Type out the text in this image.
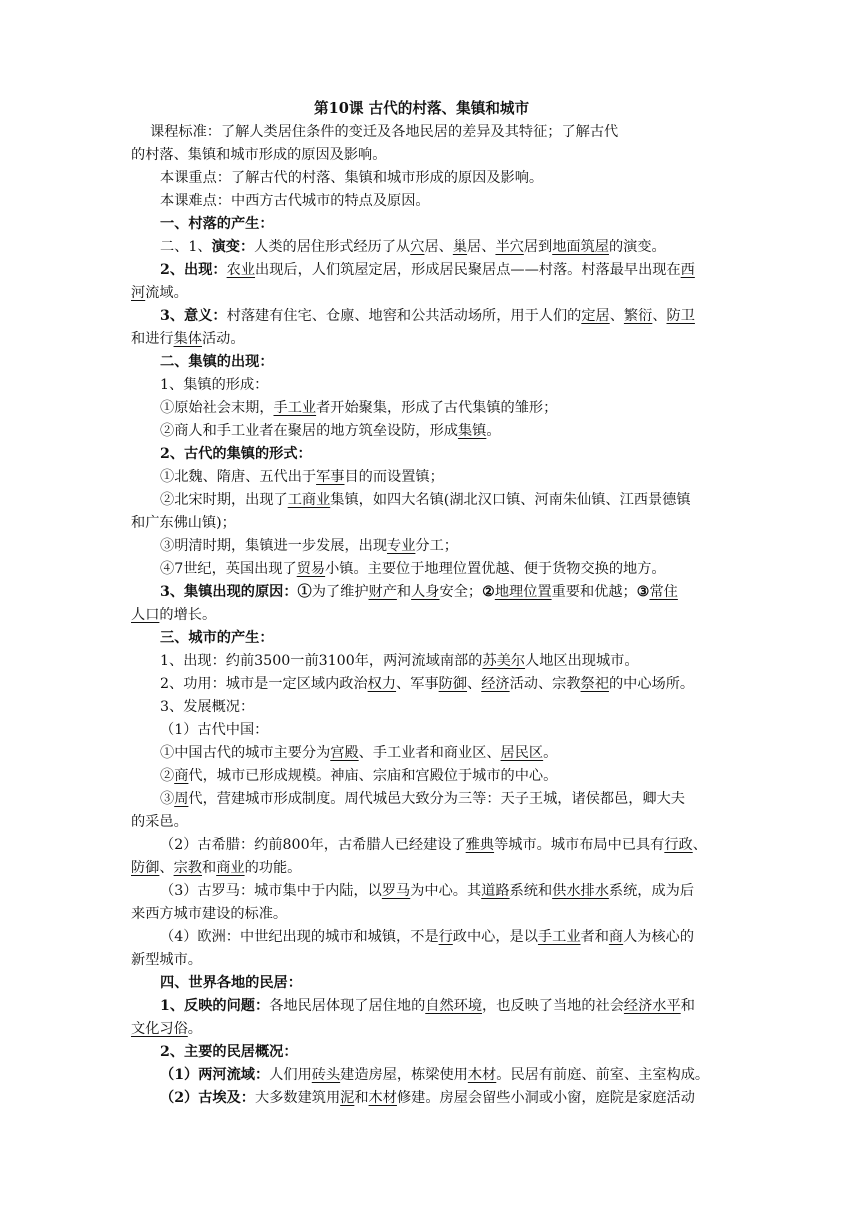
第10课 古代的村落、集镇和城市
课程标准：了解人类居住条件的变迁及各地民居的差异及其特征；了解古代
的村落、集镇和城市形成的原因及影响。
本课重点：了解古代的村落、集镇和城市形成的原因及影响。
本课难点：中西方古代城市的特点及原因。
一、村落的产生：
二、1、演变：人类的居住形式经历了从穴居、巢居、半穴居到地面筑屋的演变。
2、出现：农业出现后，人们筑屋定居，形成居民聚居点——村落。村落最早出现在西
河流域。
3、意义：村落建有住宅、仓廪、地窖和公共活动场所，用于人们的定居、繁衍、防卫
和进行集体活动。
二、集镇的出现：
1、集镇的形成：
①原始社会末期，手工业者开始聚集，形成了古代集镇的雏形；
②商人和手工业者在聚居的地方筑垒设防，形成集镇。
2、古代的集镇的形式：
①北魏、隋唐、五代出于军事目的而设置镇；
②北宋时期，出现了工商业集镇，如四大名镇(湖北汉口镇、河南朱仙镇、江西景德镇
和广东佛山镇)；
③明清时期，集镇进一步发展，出现专业分工；
④7世纪，英国出现了贸易小镇。主要位于地理位置优越、便于货物交换的地方。
3、集镇出现的原因：①为了维护财产和人身安全；②地理位置重要和优越；③常住
人口的增长。
三、城市的产生：
1、出现：约前3500一前3100年，两河流域南部的苏美尔人地区出现城市。
2、功用：城市是一定区域内政治权力、军事防御、经济活动、宗教祭祀的中心场所。
3、发展概况：
（1）古代中国：
①中国古代的城市主要分为宫殿、手工业者和商业区、居民区。
②商代，城市已形成规模。神庙、宗庙和宫殿位于城市的中心。
③周代，营建城市形成制度。周代城邑大致分为三等：天子王城，诸侯都邑，卿大夫
的采邑。
（2）古希腊：约前800年，古希腊人已经建设了雅典等城市。城市布局中已具有行政、
防御、宗教和商业的功能。
（3）古罗马：城市集中于内陆，以罗马为中心。其道路系统和供水排水系统，成为后
来西方城市建设的标准。
（4）欧洲：中世纪出现的城市和城镇，不是行政中心，是以手工业者和商人为核心的
新型城市。
四、世界各地的民居：
1、反映的问题：各地民居体现了居住地的自然环境，也反映了当地的社会经济水平和
文化习俗。
2、主要的民居概况：
（1）两河流域：人们用砖头建造房屋，栋梁使用木材。民居有前庭、前室、主室构成。
（2）古埃及：大多数建筑用泥和木材修建。房屋会留些小洞或小窗，庭院是家庭活动
